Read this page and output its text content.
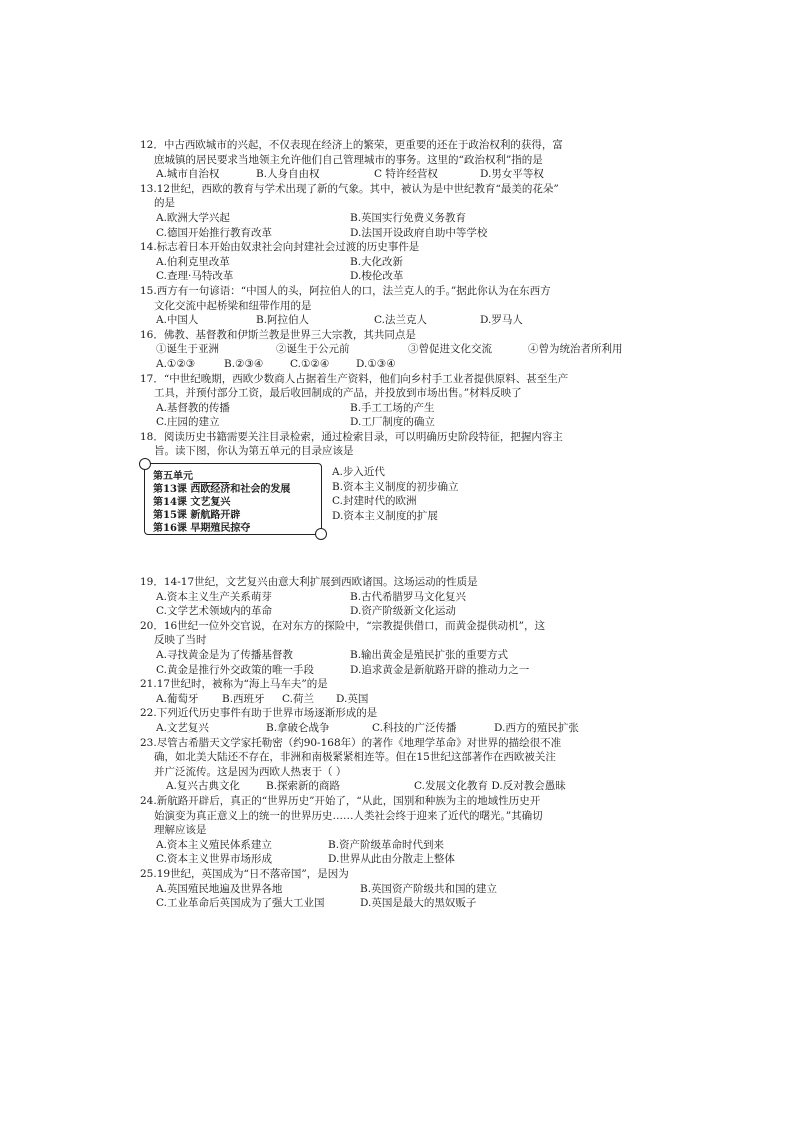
12．中古西欧城市的兴起，不仅表现在经济上的繁荣，更重要的还在于政治权利的获得，富
庶城镇的居民要求当地领主允许他们自己管理城市的事务。这里的“政治权利”指的是
A.城市自治权	B.人身自由权	C 特许经营权	D.男女平等权
13.12世纪，西欧的教育与学术出现了新的气象。其中，被认为是中世纪教育“最美的花朵”
的是
A.欧洲大学兴起	B.英国实行免费义务教育
C.德国开始推行教育改革	D.法国开设政府自助中等学校
14.标志着日本开始由奴隶社会向封建社会过渡的历史事件是
A.伯利克里改革	B.大化改新
C.查理·马特改革	D.梭伦改革
15.西方有一句谚语：“中国人的头，阿拉伯人的口，法兰克人的手。”据此你认为在东西方
文化交流中起桥梁和纽带作用的是
A.中国人	B.阿拉伯人	C.法兰克人	D.罗马人
16．佛教、基督教和伊斯兰教是世界三大宗教，其共同点是
①诞生于亚洲	②诞生于公元前	③曾促进文化交流	④曾为统治者所利用
A.①②③	B.②③④	C.①②④	D.①③④
17．“中世纪晚期，西欧少数商人占据着生产资料，他们向乡村手工业者提供原料、甚至生产
工具，并预付部分工资，最后收回制成的产品，并投放到市场出售。”材料反映了
A.基督教的传播	B.手工工场的产生
C.庄园的建立	D.工厂制度的确立
18．阅读历史书籍需要关注目录检索，通过检索目录，可以明确历史阶段特征，把握内容主
旨。读下图，你认为第五单元的目录应该是
第五单元
第13课 西欧经济和社会的发展
第14课 文艺复兴
第15课 新航路开辟
第16课 早期殖民掠夺
A.步入近代
B.资本主义制度的初步确立
C.封建时代的欧洲
D.资本主义制度的扩展
19．14-17世纪，文艺复兴由意大利扩展到西欧诸国。这场运动的性质是
A.资本主义生产关系萌芽	B.古代希腊罗马文化复兴
C.文学艺术领域内的革命	D.资产阶级新文化运动
20．16世纪一位外交官说，在对东方的探险中，“宗教提供借口，而黄金提供动机”，这
反映了当时
A.寻找黄金是为了传播基督教	B.输出黄金是殖民扩张的重要方式
C.黄金是推行外交政策的唯一手段	D.追求黄金是新航路开辟的推动力之一
21.17世纪时，被称为“海上马车夫”的是
A.葡萄牙	B.西班牙	C.荷兰	D.英国
22.下列近代历史事件有助于世界市场逐渐形成的是
A.文艺复兴	B.拿破仑战争	C.科技的广泛传播	D.西方的殖民扩张
23.尽管古希腊天文学家托勒密（约90-168年）的著作《地理学革命》对世界的描绘很不准
确，如北美大陆还不存在，非洲和南极紧紧相连等。但在15世纪这部著作在西欧被关注
并广泛流传。这是因为西欧人热衷于（ ）
A.复兴古典文化	B.探索新的商路	C.发展文化教育 D.反对教会愚昧
24.新航路开辟后，真正的“世界历史”开始了，“从此，国别和种族为主的地域性历史开
始演变为真正意义上的统一的世界历史……人类社会终于迎来了近代的曙光。”其确切
理解应该是
A.资本主义殖民体系建立	B.资产阶级革命时代到来
C.资本主义世界市场形成	D.世界从此由分散走上整体
25.19世纪，英国成为“日不落帝国”，是因为
A.英国殖民地遍及世界各地	B.英国资产阶级共和国的建立
C.工业革命后英国成为了强大工业国	D.英国是最大的黑奴贩子
